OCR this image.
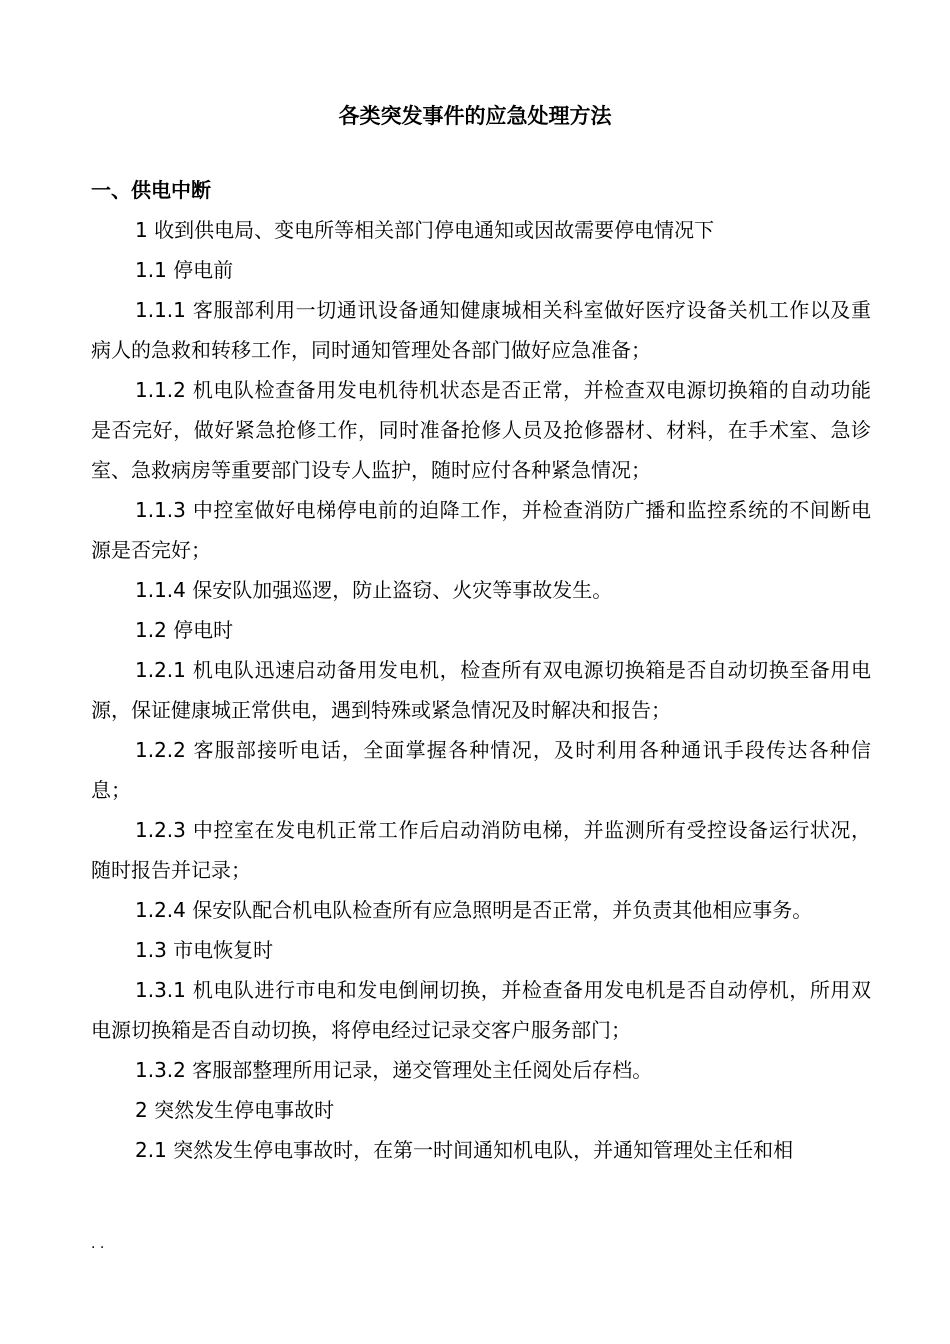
各类突发事件的应急处理方法
一、供电中断

1 收到供电局、变电所等相关部门停电通知或因故需要停电情况下

1.1 停电前

1.1.1 客服部利用一切通讯设备通知健康城相关科室做好医疗设备关机工作以及重病人的急救和转移工作，同时通知管理处各部门做好应急准备；

1.1.2 机电队检查备用发电机待机状态是否正常，并检查双电源切换箱的自动功能是否完好，做好紧急抢修工作，同时准备抢修人员及抢修器材、材料，在手术室、急诊室、急救病房等重要部门设专人监护，随时应付各种紧急情况；

1.1.3 中控室做好电梯停电前的迫降工作，并检查消防广播和监控系统的不间断电源是否完好；

1.1.4 保安队加强巡逻，防止盗窃、火灾等事故发生。

1.2 停电时

1.2.1 机电队迅速启动备用发电机，检查所有双电源切换箱是否自动切换至备用电源，保证健康城正常供电，遇到特殊或紧急情况及时解决和报告；

1.2.2 客服部接听电话，全面掌握各种情况，及时利用各种通讯手段传达各种信息；

1.2.3 中控室在发电机正常工作后启动消防电梯，并监测所有受控设备运行状况，随时报告并记录；

1.2.4 保安队配合机电队检查所有应急照明是否正常，并负责其他相应事务。

1.3 市电恢复时

1.3.1 机电队进行市电和发电倒闸切换，并检查备用发电机是否自动停机，所用双电源切换箱是否自动切换，将停电经过记录交客户服务部门；

1.3.2 客服部整理所用记录，递交管理处主任阅处后存档。

2 突然发生停电事故时

2.1 突然发生停电事故时，在第一时间通知机电队，并通知管理处主任和相

. .
